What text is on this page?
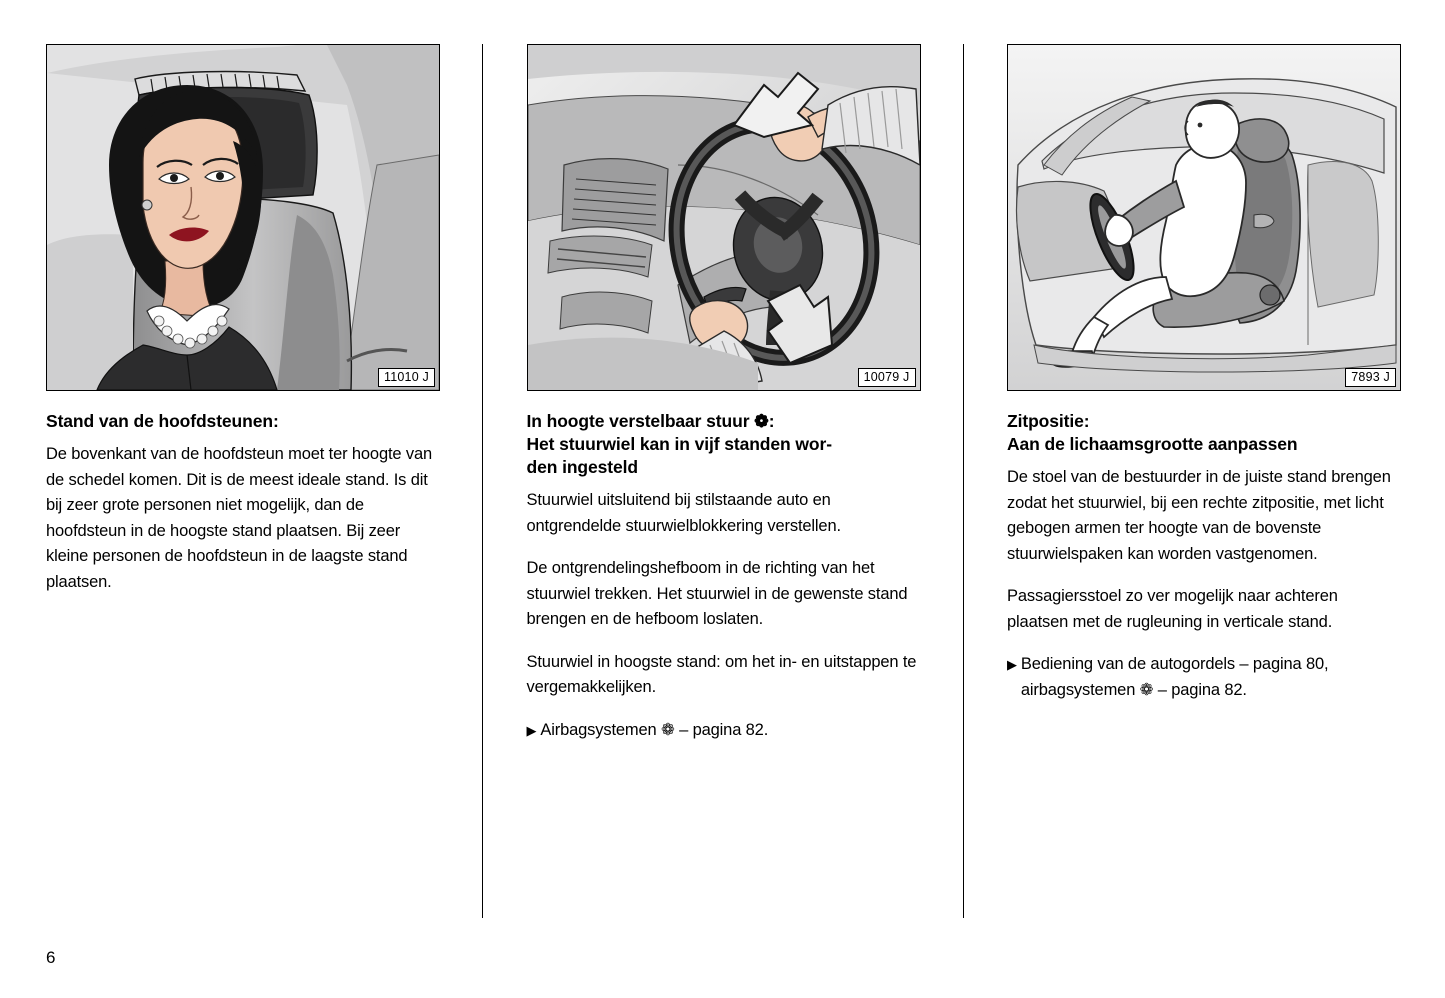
11010 J
Stand van de hoofdsteunen:

De bovenkant van de hoofdsteun moet ter hoogte van de schedel komen. Dit is de meest ideale stand. Is dit bij zeer grote personen niet mogelijk, dan de hoofdsteun in de hoogste stand plaatsen. Bij zeer kleine personen de hoofdsteun in de laagste stand plaatsen.

10079 J
In hoogte verstelbaar stuur ❁:
Het stuurwiel kan in vijf standen wor-
den ingesteld

Stuurwiel uitsluitend bij stilstaande auto en ontgrendelde stuurwielblokkering verstellen.

De ontgrendelingshefboom in de richting van het stuurwiel trekken. Het stuurwiel in de gewenste stand brengen en de hefboom loslaten.

Stuurwiel in hoogste stand: om het in- en uitstappen te vergemakkelijken.

▶ Airbagsystemen ❁ – pagina 82.
7893 J
Zitpositie:
Aan de lichaamsgrootte aanpassen

De stoel van de bestuurder in de juiste stand brengen zodat het stuurwiel, bij een rechte zitpositie, met licht gebogen armen ter hoogte van de bovenste stuurwielspaken kan worden vastgenomen.

Passagiersstoel zo ver mogelijk naar achteren plaatsen met de rugleuning in verticale stand.

▶ Bediening van de autogordels – pagina 80, airbagsystemen ❁ – pagina 82.
6
